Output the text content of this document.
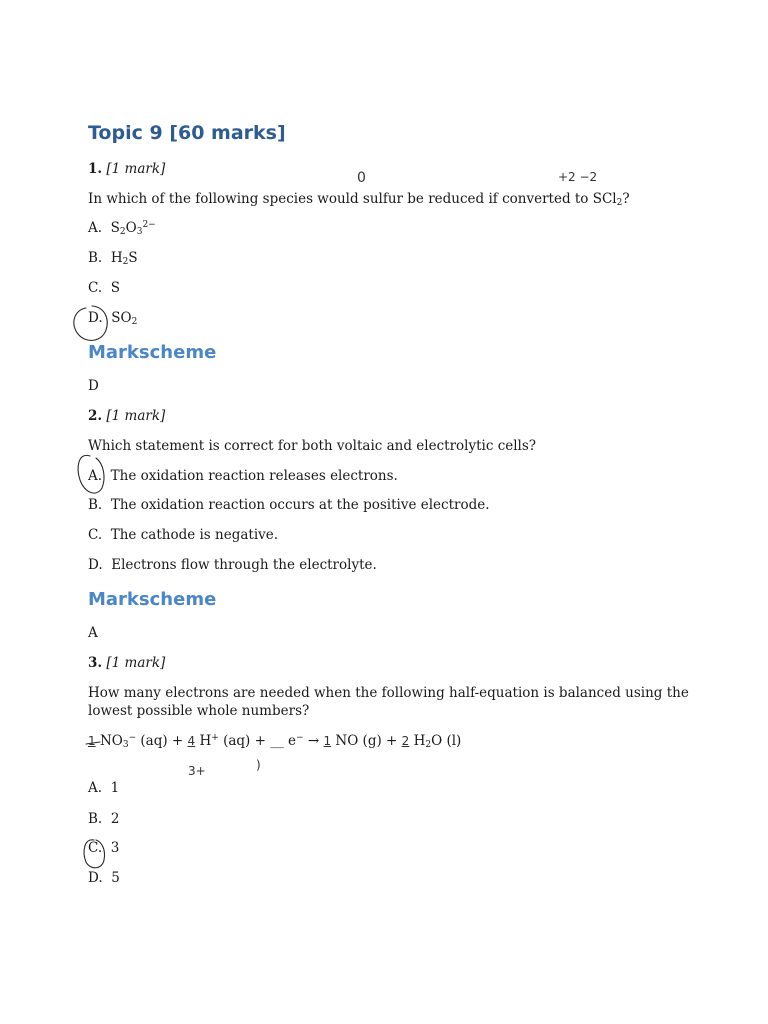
Topic 9 [60 marks]
1. [1 mark]
In which of the following species would sulfur be reduced if converted to SCl$_2$?
0	+2 −2
A. $S_2O_3^{2-}$
B. $H_2S$
C. S
D. $SO_2$
Markscheme
D
2. [1 mark]
Which statement is correct for both voltaic and electrolytic cells?
A. The oxidation reaction releases electrons.
B. The oxidation reaction occurs at the positive electrode.
C. The cathode is negative.
D. Electrons flow through the electrolyte.
Markscheme
A
3. [1 mark]
How many electrons are needed when the following half-equation is balanced using the
lowest possible whole numbers?
1 $NO_3^-$ (aq) + 4 H+ (aq) + __ e− → 1 NO (g) + 2 $H_2O$ (l)
3+	)
A. 1
B. 2
C. 3
D. 5
